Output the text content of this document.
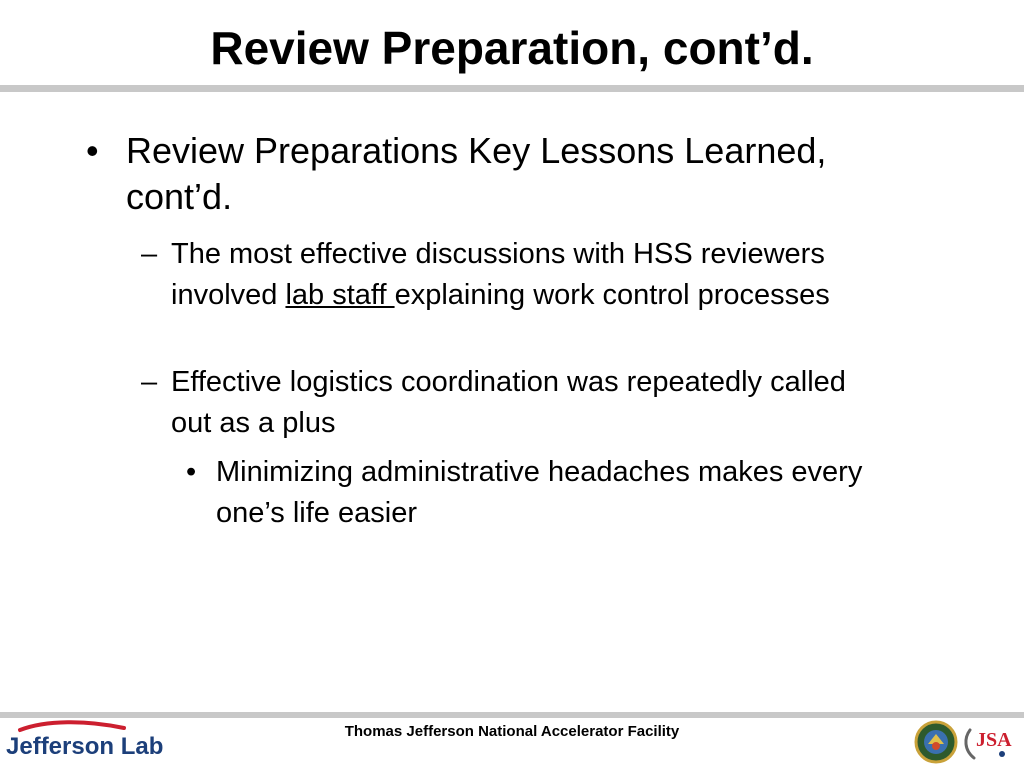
Review Preparation, cont’d.
• Review Preparations Key Lessons Learned, cont’d.
– The most effective discussions with HSS reviewers involved lab staff explaining work control processes
– Effective logistics coordination was repeatedly called out as a plus
• Minimizing administrative headaches makes every one’s life easier
Thomas Jefferson National Accelerator Facility
Jefferson Lab	JSA
